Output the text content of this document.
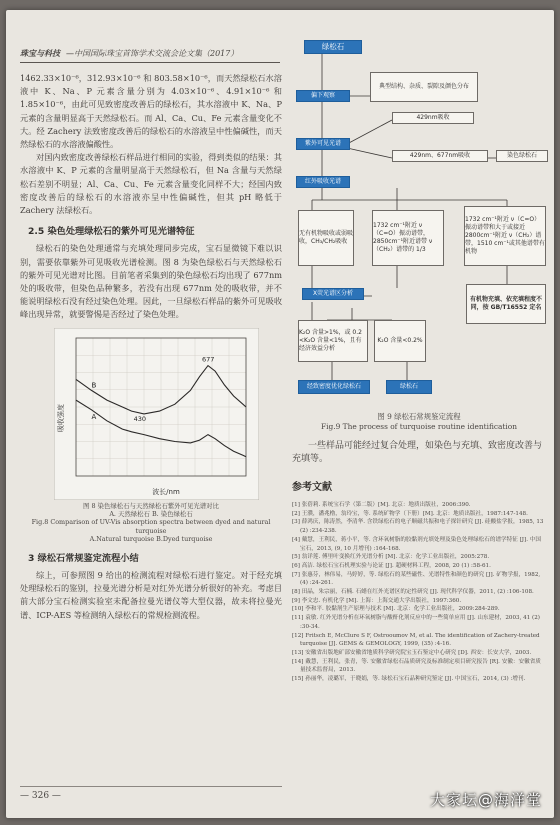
珠宝与科技 —中国国际珠宝首饰学术交流会论文集（2017）

1462.33×10⁻⁶，312.93×10⁻⁶ 和 803.58×10⁻⁶，而天然绿松石水溶液中 K、Na、P 元素含量分别为 4.03×10⁻⁶、4.91×10⁻⁶ 和 1.85×10⁻⁶，由此可见致密度改善后的绿松石，其水溶液中 K、Na、P 元素的含量明显高于天然绿松石。而 Al、Ca、Cu、Fe 元素含量变化不大。经 Zachery 法致密度改善后的绿松石的水溶液呈中性偏碱性，而天然绿松石的水溶液偏酸性。

对国内致密度改善绿松石样品进行相同的实验，得到类似的结果：其水溶液中 K、P 元素的含量明显高于天然绿松石，但 Na 含量与天然绿松石差别不明显；Al、Ca、Cu、Fe 元素含量变化同样不大；经国内致密度改善后的绿松石的水溶液亦呈中性偏碱性，但其 pH 略低于 Zachery 法绿松石。

2.5 染色处理绿松石的紫外可见光谱特征

绿松石的染色处理通常与充填处理同步完成，宝石显微镜下难以识别，需要依靠紫外可见吸收光谱检测。图 8 为染色绿松石与天然绿松石的紫外可见光谱对比图。目前笔者采集到的染色绿松石均出现了 677nm 处的吸收带，但染色品种繁多，若没有出现 677nm 处的吸收带，并不能说明绿松石没有经过染色处理。因此，一旦绿松石样品的紫外可见吸收峰出现异常，就要警惕是否经过了染色处理。

吸收强度
波长/nm
677
430
A
B
图 8 染色绿松石与天然绿松石紫外可见光谱对比
A. 天然绿松石 B. 染色绿松石
Fig.8 Comparison of UV-Vis absorption spectra between dyed and natural turquoise
A.Natural turquoise B.Dyed turquoise
3 绿松石常规鉴定流程小结

综上，可参照图 9 给出的检测流程对绿松石进行鉴定。对于经充填处理绿松石的鉴别，拉曼光谱分析是对红外光谱分析很好的补充。考虑目前大部分宝石检测实验室未配备拉曼光谱仪等大型仪器，故未将拉曼光谱、ICP-AES 等检测纳入绿松石的常规检测流程。

— 326 —
绿松石
偏下观察
典型结构、杂质、裂隙及颜色分布
紫外可见光谱
429nm吸收
429nm、677nm吸收	染色绿松石
红外吸收光谱
无有机物吸收或弱吸收，CH₃/CH₂吸收
1732 cm⁻¹附近 ν（C=O）振动谱带，2850cm⁻¹附近谱带 ν（CH₂）谱带的 1/3
1732 cm⁻¹附近 ν（C=O）振动谱带和大于或接近 2800cm⁻¹附近 ν（CH₂）谱带，1510 cm⁻¹或其他谱带有机物
X荧光谱区分析
有机物充填、依充填程度不同，按 GB/T16552 定名
K₂O 含量>1%，或 0.2 <K₂O 含量<1%，且有经济效益分析
K₂O 含量<0.2%
经致密度优化绿松石	绿松石
图 9 绿松石常规鉴定流程
Fig.9 The process of turquoise routine identification
一些样品可能经过复合处理，如染色与充填、致密度改善与充填等。
参考文献

[1] 张蓓莉. 系统宝石学（第二版）[M]. 北京：地质出版社，2006:390.

[2] 王濮，潘兆橹，翁玲宝，等. 系统矿物学（下册）[M]. 北京：地质出版社，1987:147-148.

[3] 薛鸿庆，陈涛然，李清华. 含铁绿松石的电子顺磁共振和电子探针研究 [J]. 硅酸盐学报，1985, 13 (2) :234-238.

[4] 戴慧，王利民，蒋小平，等. 含环氧树脂的胶黏剂充填处理及染色处理绿松石的谱学特征 [J]. 中国宝石，2013, (9, 10 月增刊) :164-168.

[5] 翁详莲. 傅里叶变换红外光谱分析 [M]. 北京：化学工业出版社，2005:278.

[6] 高洁. 绿松石宝石机理实验与论证 [J]. 超硬材料工程，2008, 20 (1) :58-61.

[7] 张惠芬，林伟易，马婷婷，等. 绿松石的某些磁性、光谱特性和颜色的研究 [J]. 矿物学报，1982, (4) :24-261.

[8] 田晶，朱宗丽，石楠. 石蜡在红外光谱区的定性研究 [J]. 现代科学仪器，2011, (2) :106-108.

[9] 李文忠. 有机化学 [M]. 上海：上海交通大学出版社，1997:360.

[10] 李和平. 胶黏剂生产原理与技术 [M]. 北京：化学工业出版社，2009:284-289.

[11] 袁敏. 红外光谱分析在环氧树脂与酸酐化剂反应中的一些简单应用 [J]. 山东建材，2003, 41 (2) :30-34.

[12] Fritsch E, McClure S F, Ostrooumov M, et al. The identification of Zachery-treated turquoise [J]. GEMS & GEMOLOGY, 1999, (35) :4-16.

[13] 安徽省出版地矿部安徽省地质科学研究院宝玉石鉴定中心研究 [D]. 西安：长安大学，2003.

[14] 戴慧，王利民，张青，等. 安徽省绿松石品质研究及标准制定项目研究报告 [R]. 安徽：安徽省质量技术监督局，2013.

[15] 孙丽华，凌璐军，于晓娟，等. 绿松石宝石品种研究鉴定 [J]. 中国宝石，2014, (3) :增刊.

大家坛@海洋堂
